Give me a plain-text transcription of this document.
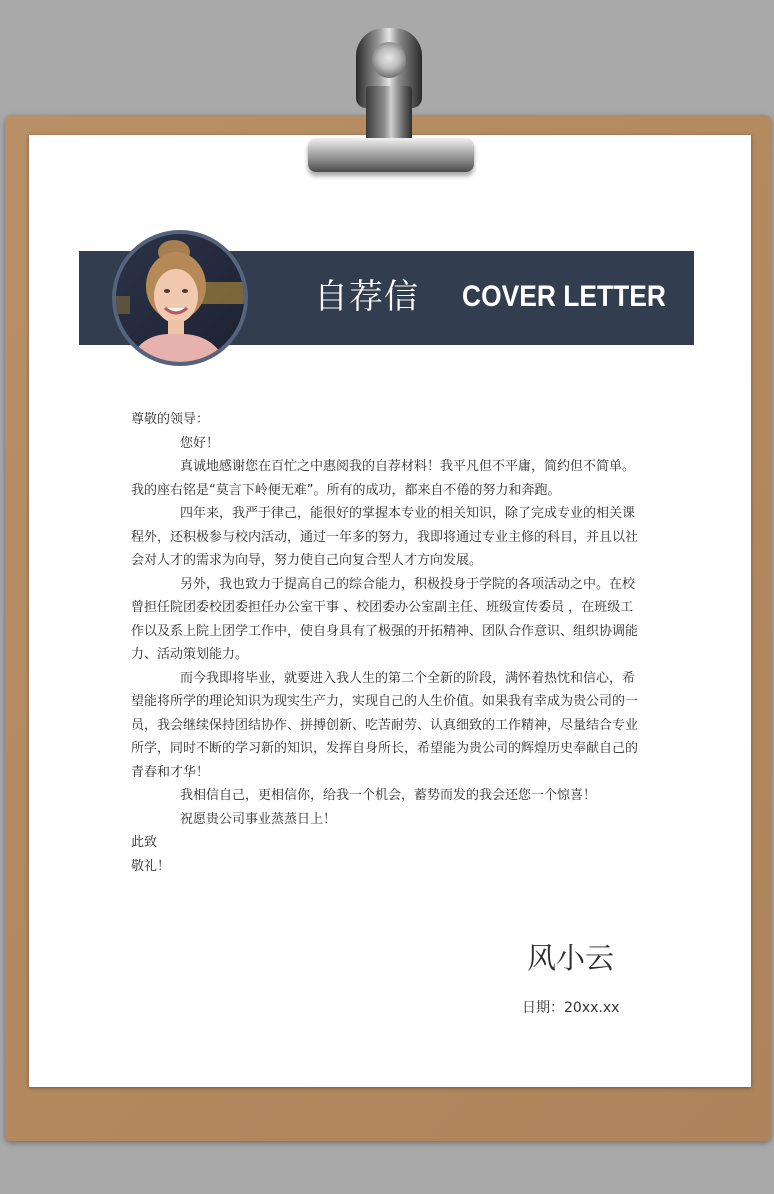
自荐信 COVER LETTER

尊敬的领导：

您好！

真诚地感谢您在百忙之中惠阅我的自荐材料！我平凡但不平庸，简约但不简单。我的座右铭是“莫言下岭便无难”。所有的成功，都来自不倦的努力和奔跑。

四年来，我严于律己，能很好的掌握本专业的相关知识，除了完成专业的相关课程外，还积极参与校内活动，通过一年多的努力，我即将通过专业主修的科目，并且以社会对人才的需求为向导，努力使自己向复合型人才方向发展。

另外，我也致力于提高自己的综合能力，积极投身于学院的各项活动之中。在校曾担任院团委校团委担任办公室干事 、校团委办公室副主任、班级宣传委员 ，在班级工作以及系上院上团学工作中，使自身具有了极强的开拓精神、团队合作意识、组织协调能力、活动策划能力。

而今我即将毕业，就要进入我人生的第二个全新的阶段，满怀着热忱和信心，希望能将所学的理论知识为现实生产力，实现自己的人生价值。如果我有幸成为贵公司的一员，我会继续保持团结协作、拼搏创新、吃苦耐劳、认真细致的工作精神，尽量结合专业所学，同时不断的学习新的知识，发挥自身所长，希望能为贵公司的辉煌历史奉献自己的青春和才华！

我相信自己，更相信你，给我一个机会，蓄势而发的我会还您一个惊喜！

祝愿贵公司事业蒸蒸日上！

此致

敬礼！

风小云
日期：20xx.xx
